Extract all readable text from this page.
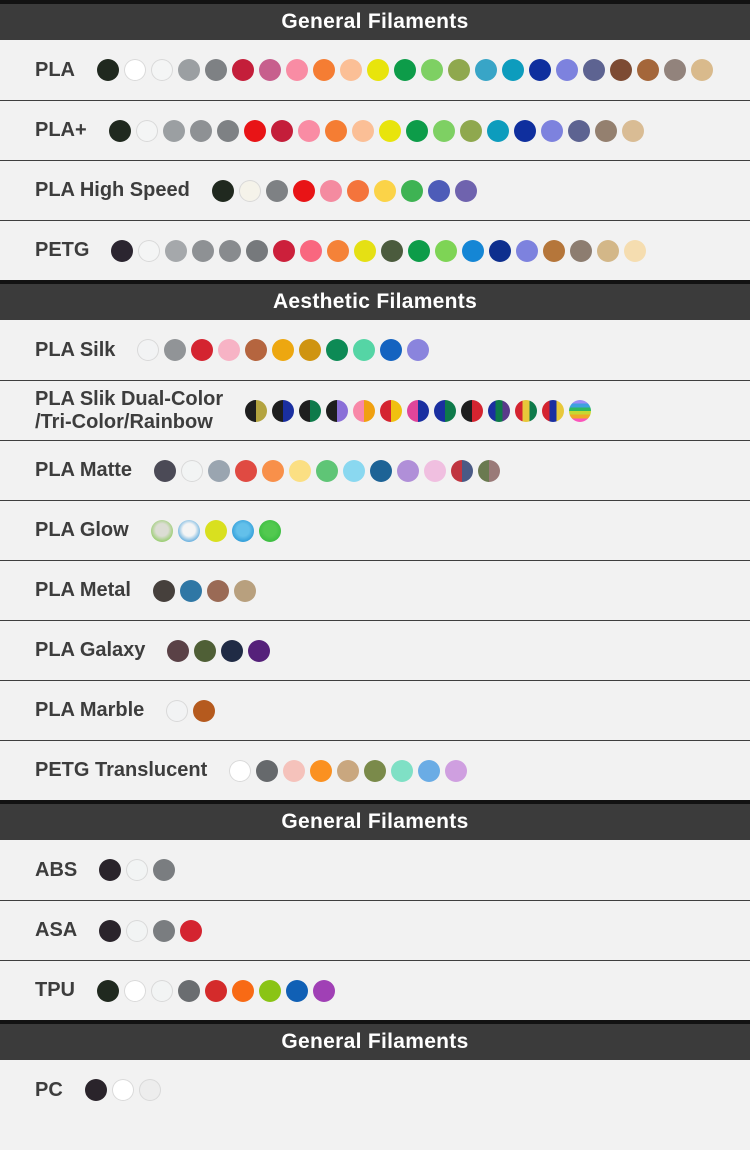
General Filaments
PLA
PLA+
PLA High Speed
PETG
Aesthetic Filaments
PLA Silk
PLA Slik Dual-Color
/Tri-Color/Rainbow
PLA Matte
PLA Glow
PLA Metal
PLA Galaxy
PLA Marble
PETG Translucent
General Filaments
ABS
ASA
TPU
General Filaments
PC
